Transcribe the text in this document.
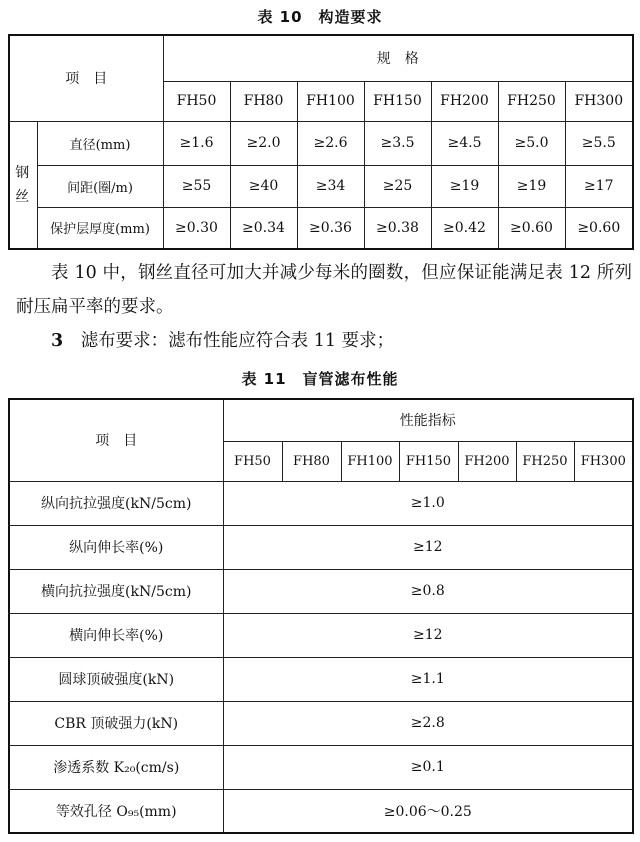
表 10　构造要求
项　目		规　格						
		FH50	FH80	FH100	FH150	FH200	FH250	FH300

钢丝	直径(mm)	≥1.6	≥2.0	≥2.6	≥3.5	≥4.5	≥5.0	≥5.5
	间距(圈/m)	≥55	≥40	≥34	≥25	≥19	≥19	≥17
	保护层厚度(mm)	≥0.30	≥0.34	≥0.36	≥0.38	≥0.42	≥0.60	≥0.60
表 10 中，钢丝直径可加大并减少每米的圈数，但应保证能满足表 12 所列耐压扁平率的要求。
3　 滤布要求：滤布性能应符合表 11 要求；
表 11　盲管滤布性能
项　目	性能指标						
	FH50	FH80	FH100	FH150	FH200	FH250	FH300
纵向抗拉强度(kN/5cm)	≥1.0						
纵向伸长率(%)	≥12						
横向抗拉强度(kN/5cm)	≥0.8						
横向伸长率(%)	≥12						
圆球顶破强度(kN)	≥1.1						
CBR 顶破强力(kN)	≥2.8						
渗透系数 K₂₀(cm/s)	≥0.1						
等效孔径 O₉₅(mm)	≥0.06～0.25						
